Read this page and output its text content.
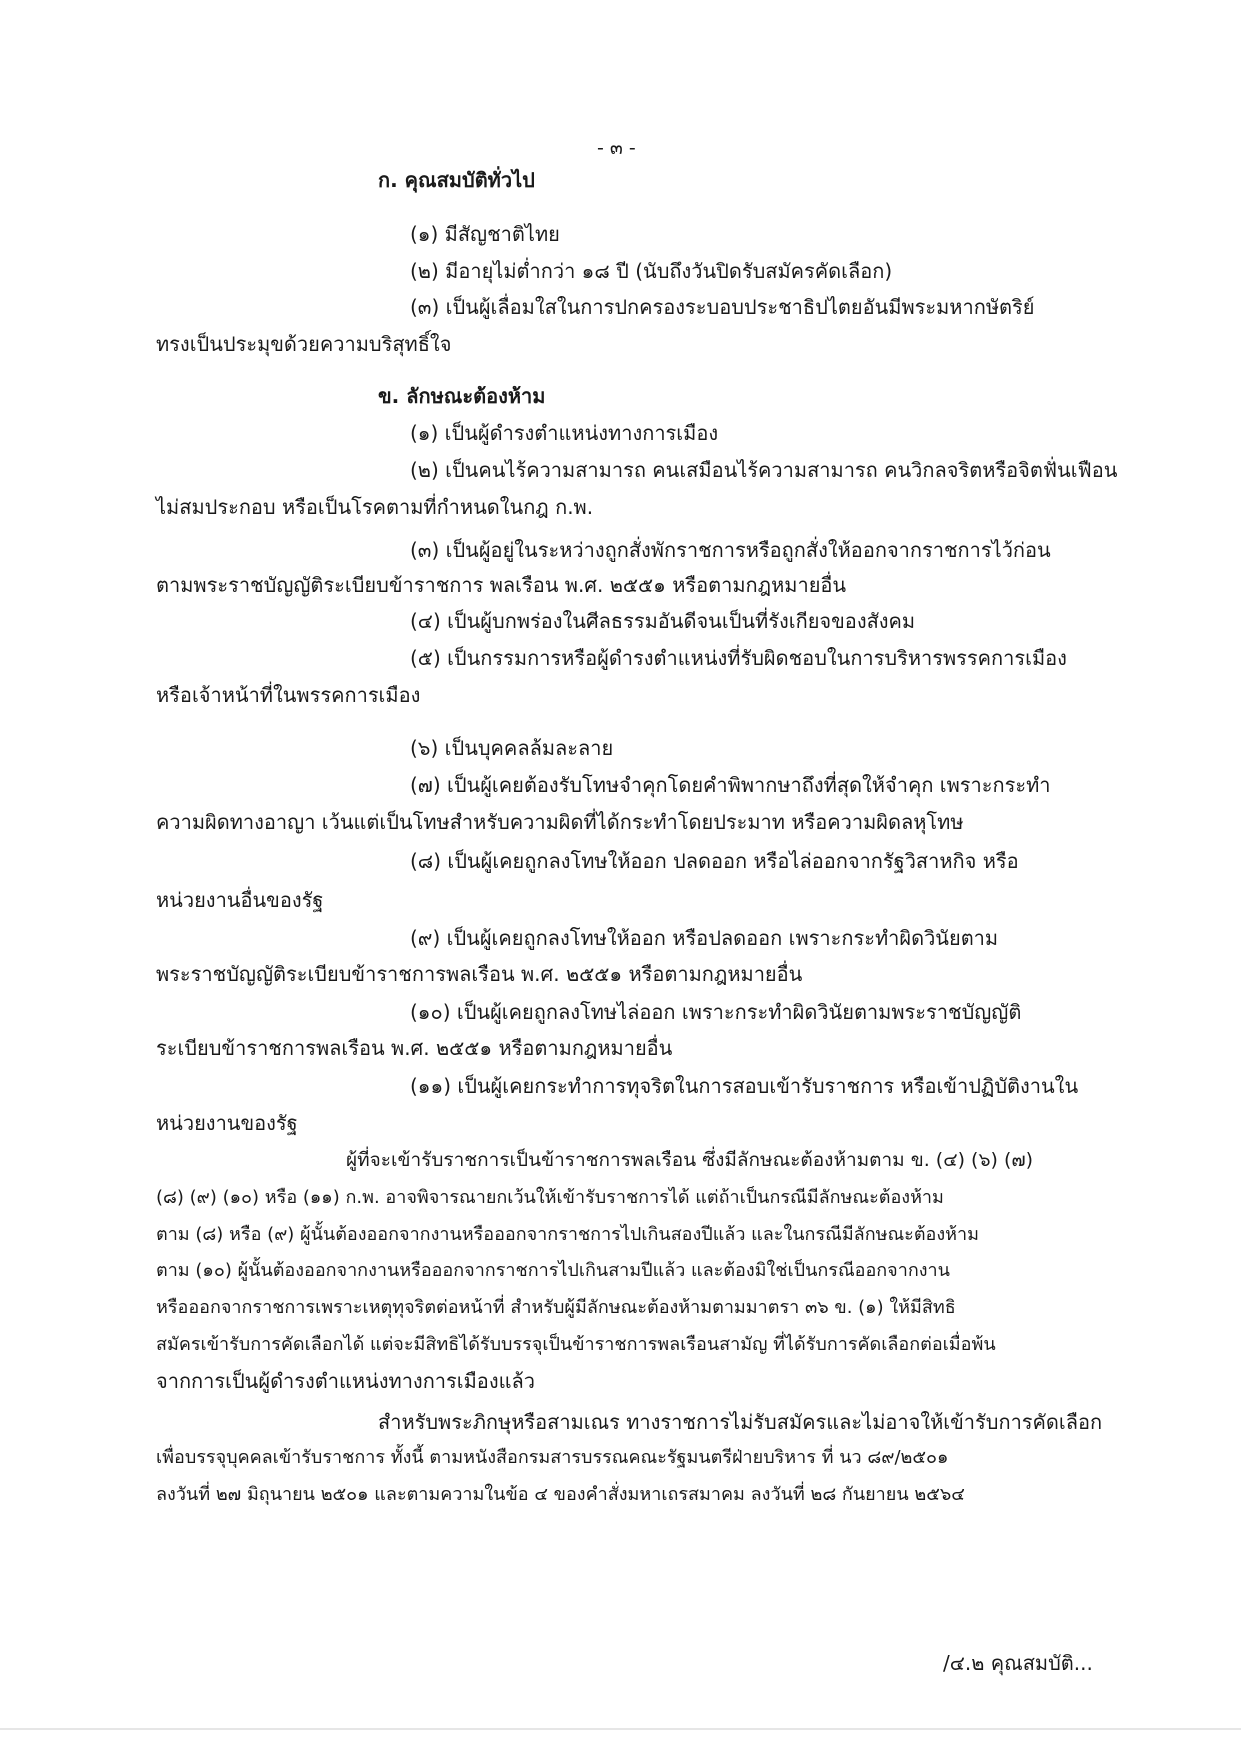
- ๓ -
ก. คุณสมบัติทั่วไป
(๑) มีสัญชาติไทย
(๒) มีอายุไม่ต่ำกว่า ๑๘ ปี (นับถึงวันปิดรับสมัครคัดเลือก)
(๓) เป็นผู้เลื่อมใสในการปกครองระบอบประชาธิปไตยอันมีพระมหากษัตริย์
ทรงเป็นประมุขด้วยความบริสุทธิ์ใจ
ข. ลักษณะต้องห้าม
(๑) เป็นผู้ดำรงตำแหน่งทางการเมือง
(๒) เป็นคนไร้ความสามารถ คนเสมือนไร้ความสามารถ คนวิกลจริตหรือจิตฟั่นเฟือน
ไม่สมประกอบ หรือเป็นโรคตามที่กำหนดในกฎ ก.พ.
(๓) เป็นผู้อยู่ในระหว่างถูกสั่งพักราชการหรือถูกสั่งให้ออกจากราชการไว้ก่อน
ตามพระราชบัญญัติระเบียบข้าราชการ พลเรือน พ.ศ. ๒๕๕๑ หรือตามกฎหมายอื่น
(๔) เป็นผู้บกพร่องในศีลธรรมอันดีจนเป็นที่รังเกียจของสังคม
(๕) เป็นกรรมการหรือผู้ดำรงตำแหน่งที่รับผิดชอบในการบริหารพรรคการเมือง
หรือเจ้าหน้าที่ในพรรคการเมือง
(๖) เป็นบุคคลล้มละลาย
(๗) เป็นผู้เคยต้องรับโทษจำคุกโดยคำพิพากษาถึงที่สุดให้จำคุก เพราะกระทำ
ความผิดทางอาญา เว้นแต่เป็นโทษสำหรับความผิดที่ได้กระทำโดยประมาท หรือความผิดลหุโทษ
(๘) เป็นผู้เคยถูกลงโทษให้ออก ปลดออก หรือไล่ออกจากรัฐวิสาหกิจ หรือ
หน่วยงานอื่นของรัฐ
(๙) เป็นผู้เคยถูกลงโทษให้ออก หรือปลดออก เพราะกระทำผิดวินัยตาม
พระราชบัญญัติระเบียบข้าราชการพลเรือน พ.ศ. ๒๕๕๑ หรือตามกฎหมายอื่น
(๑๐) เป็นผู้เคยถูกลงโทษไล่ออก เพราะกระทำผิดวินัยตามพระราชบัญญัติ
ระเบียบข้าราชการพลเรือน พ.ศ. ๒๕๕๑ หรือตามกฎหมายอื่น
(๑๑) เป็นผู้เคยกระทำการทุจริตในการสอบเข้ารับราชการ หรือเข้าปฏิบัติงานใน
หน่วยงานของรัฐ
ผู้ที่จะเข้ารับราชการเป็นข้าราชการพลเรือน ซึ่งมีลักษณะต้องห้ามตาม ข. (๔) (๖) (๗)
(๘) (๙) (๑๐) หรือ (๑๑) ก.พ. อาจพิจารณายกเว้นให้เข้ารับราชการได้ แต่ถ้าเป็นกรณีมีลักษณะต้องห้าม
ตาม (๘) หรือ (๙) ผู้นั้นต้องออกจากงานหรือออกจากราชการไปเกินสองปีแล้ว และในกรณีมีลักษณะต้องห้าม
ตาม (๑๐) ผู้นั้นต้องออกจากงานหรือออกจากราชการไปเกินสามปีแล้ว และต้องมิใช่เป็นกรณีออกจากงาน
หรือออกจากราชการเพราะเหตุทุจริตต่อหน้าที่ สำหรับผู้มีลักษณะต้องห้ามตามมาตรา ๓๖ ข. (๑) ให้มีสิทธิ
สมัครเข้ารับการคัดเลือกได้ แต่จะมีสิทธิได้รับบรรจุเป็นข้าราชการพลเรือนสามัญ ที่ได้รับการคัดเลือกต่อเมื่อพ้น
จากการเป็นผู้ดำรงตำแหน่งทางการเมืองแล้ว
สำหรับพระภิกษุหรือสามเณร ทางราชการไม่รับสมัครและไม่อาจให้เข้ารับการคัดเลือก
เพื่อบรรจุบุคคลเข้ารับราชการ ทั้งนี้ ตามหนังสือกรมสารบรรณคณะรัฐมนตรีฝ่ายบริหาร ที่ นว ๘๙/๒๕๐๑
ลงวันที่ ๒๗ มิถุนายน ๒๕๐๑ และตามความในข้อ ๔ ของคำสั่งมหาเถรสมาคม ลงวันที่ ๒๘ กันยายน ๒๕๖๔
/๔.๒ คุณสมบัติ...
